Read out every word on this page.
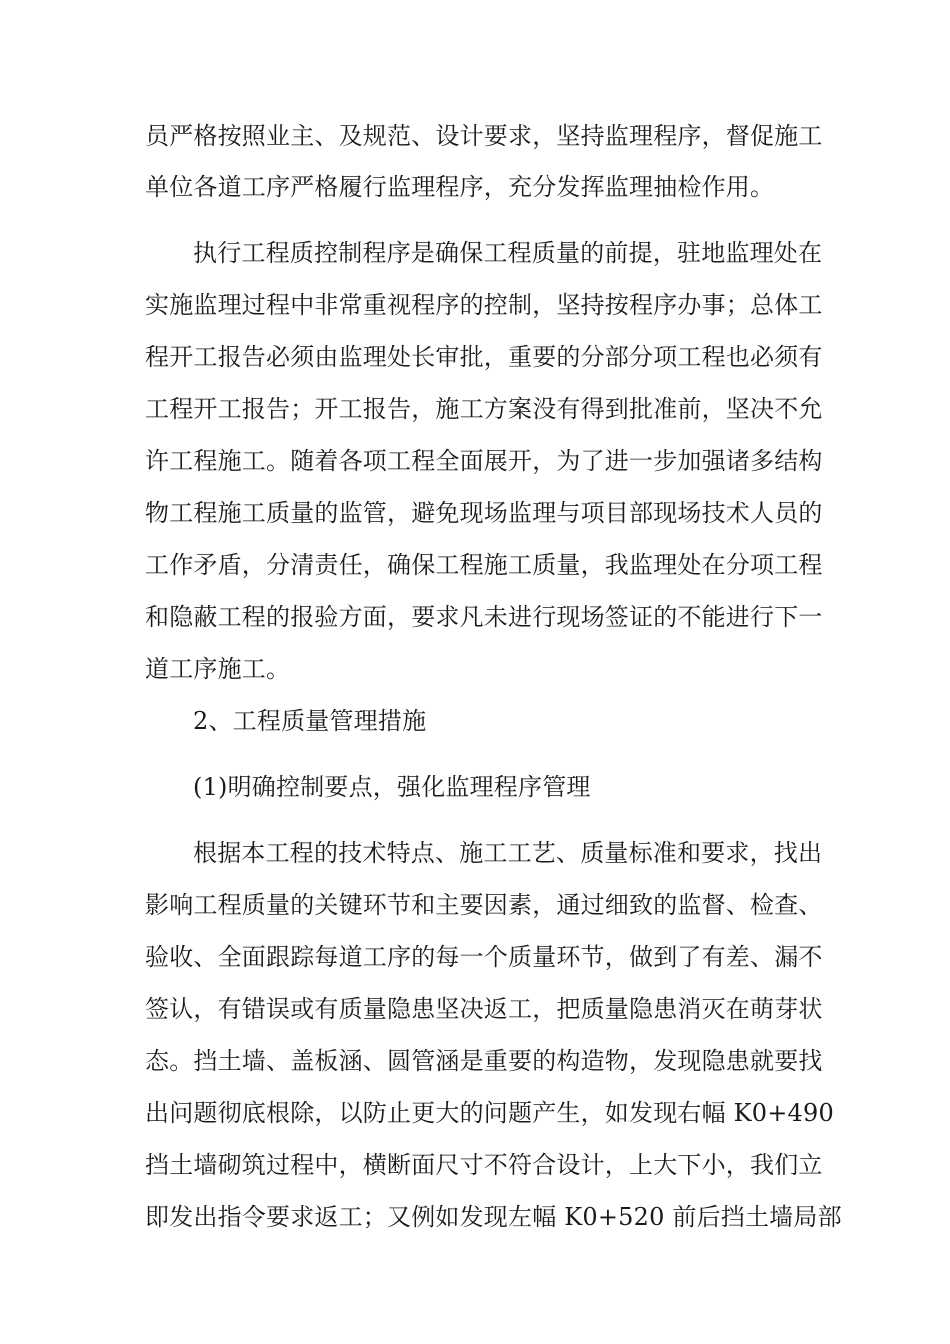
员严格按照业主、及规范、设计要求，坚持监理程序，督促施工
单位各道工序严格履行监理程序，充分发挥监理抽检作用。
执行工程质控制程序是确保工程质量的前提，驻地监理处在
实施监理过程中非常重视程序的控制，坚持按程序办事；总体工
程开工报告必须由监理处长审批，重要的分部分项工程也必须有
工程开工报告；开工报告，施工方案没有得到批准前，坚决不允
许工程施工。随着各项工程全面展开，为了进一步加强诸多结构
物工程施工质量的监管，避免现场监理与项目部现场技术人员的
工作矛盾，分清责任，确保工程施工质量，我监理处在分项工程
和隐蔽工程的报验方面，要求凡未进行现场签证的不能进行下一
道工序施工。
2、工程质量管理措施
(1)明确控制要点，强化监理程序管理
根据本工程的技术特点、施工工艺、质量标准和要求，找出
影响工程质量的关键环节和主要因素，通过细致的监督、检查、
验收、全面跟踪每道工序的每一个质量环节，做到了有差、漏不
签认，有错误或有质量隐患坚决返工，把质量隐患消灭在萌芽状
态。挡土墙、盖板涵、圆管涵是重要的构造物，发现隐患就要找
出问题彻底根除，以防止更大的问题产生，如发现右幅 K0+490
挡土墙砌筑过程中，横断面尺寸不符合设计，上大下小，我们立
即发出指令要求返工；又例如发现左幅 K0+520 前后挡土墙局部
